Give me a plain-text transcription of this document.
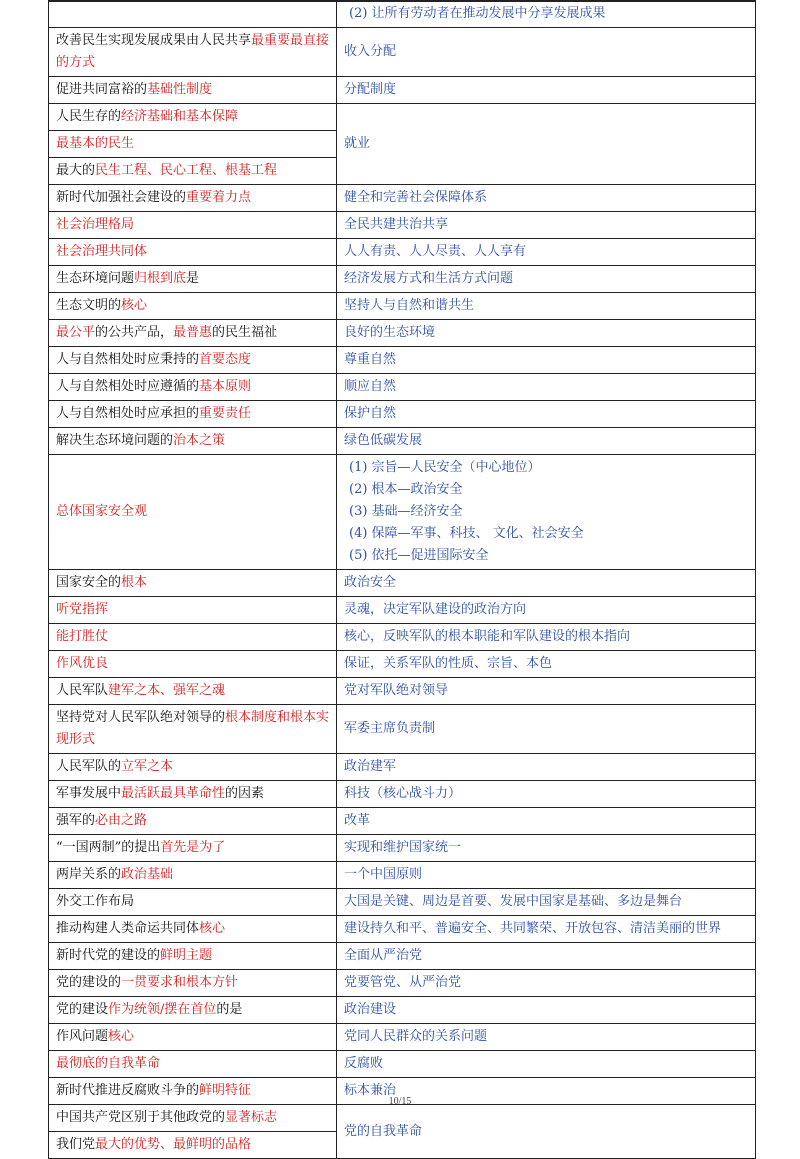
	(2) 让所有劳动者在推动发展中分享发展成果
改善民生实现发展成果由人民共享最重要最直接的方式	收入分配
促进共同富裕的基础性制度	分配制度
人民生存的经济基础和基本保障	就业
最基本的民生	
最大的民生工程、民心工程、根基工程	
新时代加强社会建设的重要着力点	健全和完善社会保障体系
社会治理格局	全民共建共治共享
社会治理共同体	人人有责、人人尽责、人人享有
生态环境问题归根到底是	经济发展方式和生活方式问题
生态文明的核心	坚持人与自然和谐共生
最公平的公共产品，最普惠的民生福祉	良好的生态环境
人与自然相处时应秉持的首要态度	尊重自然
人与自然相处时应遵循的基本原则	顺应自然
人与自然相处时应承担的重要责任	保护自然
解决生态环境问题的治本之策	绿色低碳发展
总体国家安全观	(1) 宗旨—人民安全（中心地位）
(2) 根本—政治安全
(3) 基础—经济安全
(4) 保障—军事、科技、 文化、社会安全
(5) 依托—促进国际安全

国家安全的根本	政治安全
听党指挥	灵魂，决定军队建设的政治方向
能打胜仗	核心，反映军队的根本职能和军队建设的根本指向
作风优良	保证，关系军队的性质、宗旨、本色
人民军队建军之本、强军之魂	党对军队绝对领导
坚持党对人民军队绝对领导的根本制度和根本实现形式	军委主席负责制
人民军队的立军之本	政治建军
军事发展中最活跃最具革命性的因素	科技（核心战斗力）
强军的必由之路	改革
“一国两制”的提出首先是为了	实现和维护国家统一
两岸关系的政治基础	一个中国原则
外交工作布局	大国是关键、周边是首要、发展中国家是基础、多边是舞台
推动构建人类命运共同体核心	建设持久和平、普遍安全、共同繁荣、开放包容、清洁美丽的世界
新时代党的建设的鲜明主题	全面从严治党
党的建设的一贯要求和根本方针	党要管党、从严治党
党的建设作为统领/摆在首位的是	政治建设
作风问题核心	党同人民群众的关系问题
最彻底的自我革命	反腐败
新时代推进反腐败斗争的鲜明特征	标本兼治
中国共产党区别于其他政党的显著标志	党的自我革命
我们党最大的优势、最鲜明的品格	
10/15
